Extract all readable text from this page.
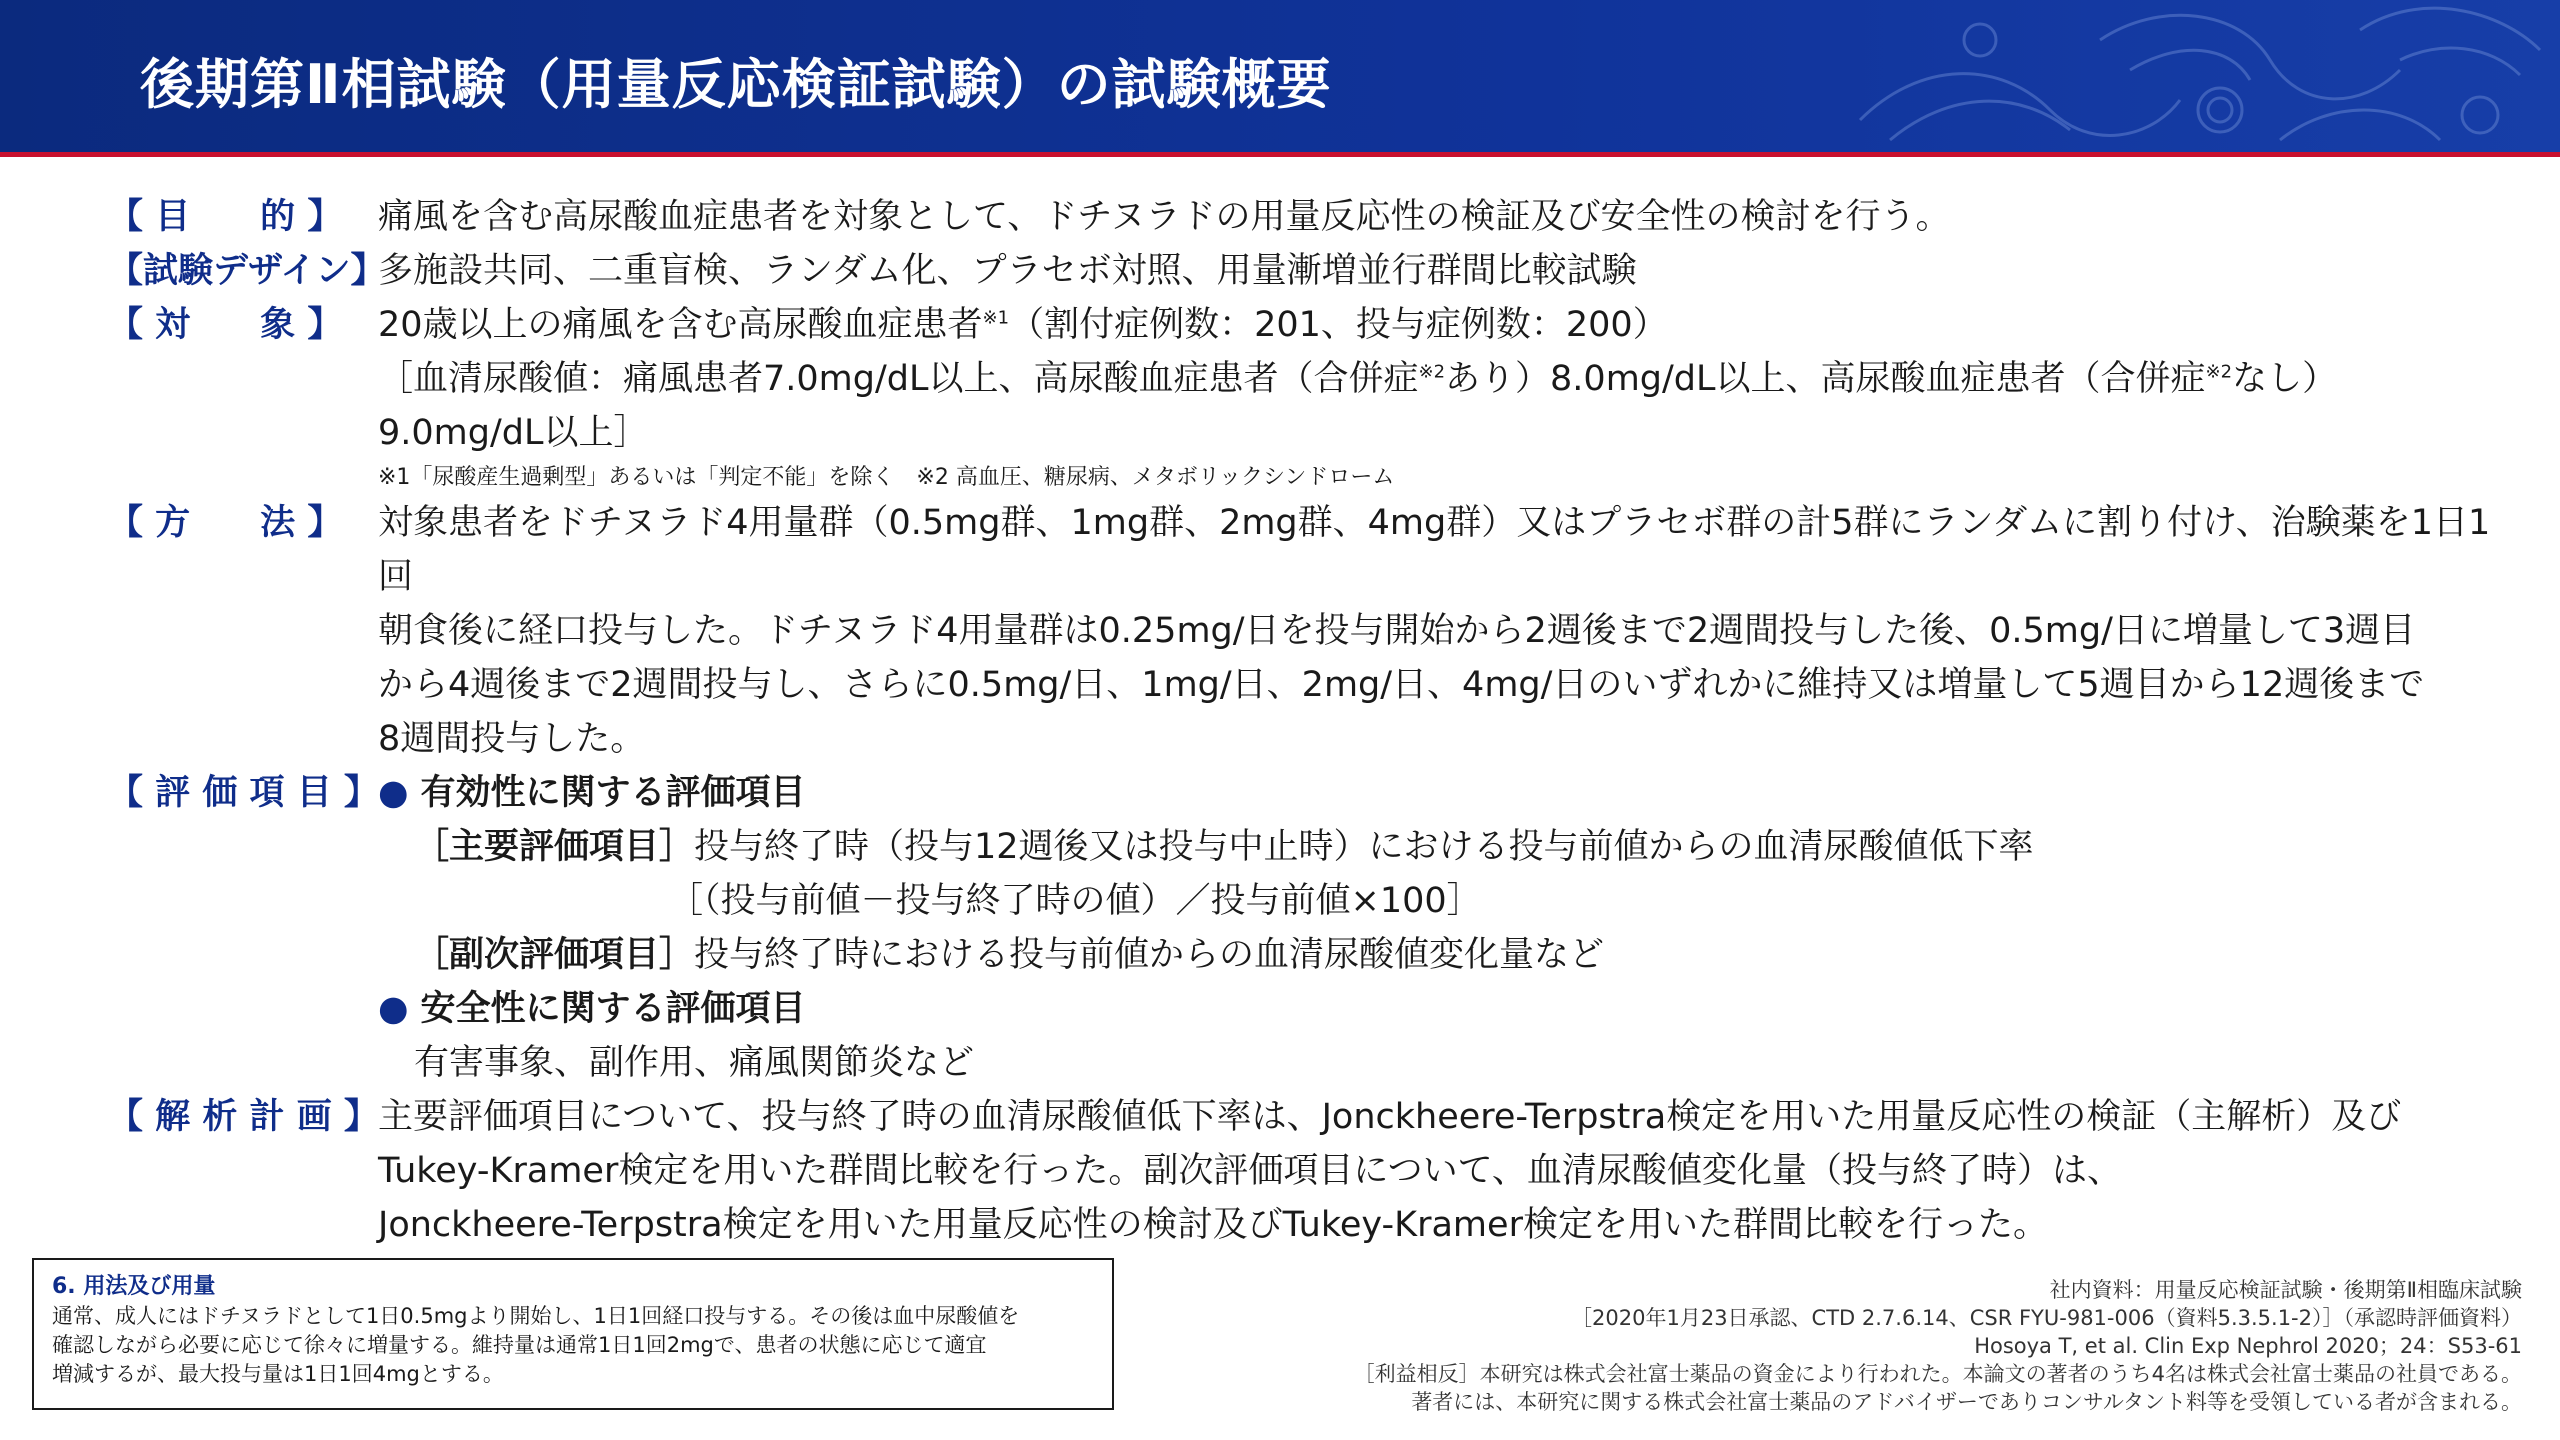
後期第Ⅱ相試験（用量反応検証試験）の試験概要
【 目　　的 】	痛風を含む高尿酸血症患者を対象として、ドチヌラドの用量反応性の検証及び安全性の検討を行う。
【試験デザイン】
多施設共同、二重盲検、ランダム化、プラセボ対照、用量漸増並行群間比較試験
【 対　　象 】	20歳以上の痛風を含む高尿酸血症患者$^{※1}$（割付症例数：201、投与症例数：200）
［血清尿酸値：痛風患者7.0mg/dL以上、高尿酸血症患者（合併症$^{※2}$あり）8.0mg/dL以上、高尿酸血症患者（合併症$^{※2}$なし）
9.0mg/dL以上］
※1「尿酸産生過剰型」あるいは「判定不能」を除く　※2 高血圧、糖尿病、メタボリックシンドローム
【 方　　法 】	対象患者をドチヌラド4用量群（0.5mg群、1mg群、2mg群、4mg群）又はプラセボ群の計5群にランダムに割り付け、治験薬を1日1回
朝食後に経口投与した。ドチヌラド4用量群は0.25mg/日を投与開始から2週後まで2週間投与した後、0.5mg/日に増量して3週目
から4週後まで2週間投与し、さらに0.5mg/日、1mg/日、2mg/日、4mg/日のいずれかに維持又は増量して5週目から12週後まで
8週間投与した。
【 評 価 項 目 】 ● 有効性に関する評価項目
［主要評価項目］投与終了時（投与12週後又は投与中止時）における投与前値からの血清尿酸値低下率
［（投与前値－投与終了時の値）／投与前値×100］
［副次評価項目］投与終了時における投与前値からの血清尿酸値変化量など
● 安全性に関する評価項目
有害事象、副作用、痛風関節炎など
【 解 析 計 画 】 主要評価項目について、投与終了時の血清尿酸値低下率は、Jonckheere-Terpstra検定を用いた用量反応性の検証（主解析）及び
Tukey-Kramer検定を用いた群間比較を行った。副次評価項目について、血清尿酸値変化量（投与終了時）は、
Jonckheere-Terpstra検定を用いた用量反応性の検討及びTukey-Kramer検定を用いた群間比較を行った。
6. 用法及び用量
通常、成人にはドチヌラドとして1日0.5mgより開始し、1日1回経口投与する。その後は血中尿酸値を
確認しながら必要に応じて徐々に増量する。維持量は通常1日1回2mgで、患者の状態に応じて適宜
増減するが、最大投与量は1日1回4mgとする。
社内資料：用量反応検証試験・後期第Ⅱ相臨床試験
［2020年1月23日承認、CTD 2.7.6.14、CSR FYU-981-006（資料5.3.5.1-2）］（承認時評価資料）
Hosoya T, et al. Clin Exp Nephrol 2020；24：S53-61
［利益相反］本研究は株式会社富士薬品の資金により行われた。本論文の著者のうち4名は株式会社富士薬品の社員である。
著者には、本研究に関する株式会社富士薬品のアドバイザーでありコンサルタント料等を受領している者が含まれる。
